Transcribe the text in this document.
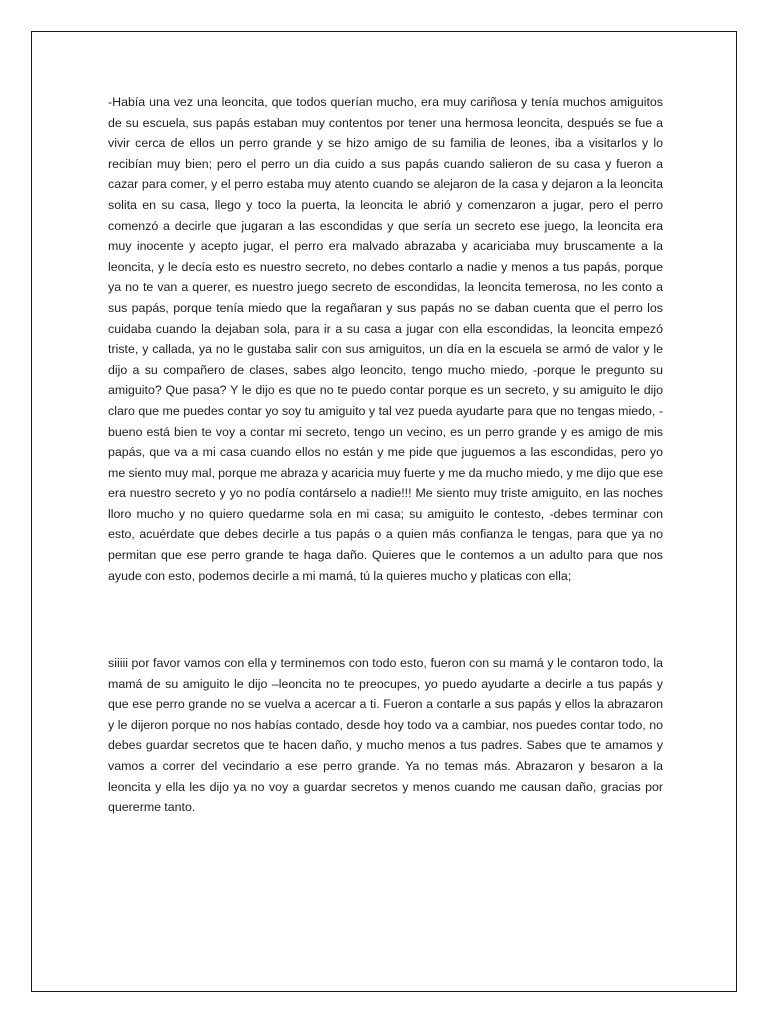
-Había una vez una leoncita, que todos querían mucho, era muy cariñosa y tenía muchos amiguitos de su escuela, sus papás estaban muy contentos por tener una hermosa leoncita, después se fue a vivir cerca de ellos un perro grande y se hizo amigo de su familia de leones, iba a visitarlos y lo recibían muy bien; pero el perro un dia cuido a sus papás cuando salieron de su casa y fueron a cazar para comer, y el perro estaba muy atento cuando se alejaron de la casa y dejaron a la leoncita solita en su casa, llego y toco la puerta, la leoncita le abrió y comenzaron a jugar, pero el perro comenzó a decirle que jugaran a las escondidas y que sería un secreto ese juego, la leoncita era muy inocente y acepto jugar, el perro era malvado abrazaba y acariciaba muy bruscamente a la leoncita, y le decía esto es nuestro secreto, no debes contarlo a nadie y menos a tus papás, porque ya no te van a querer, es nuestro juego secreto de escondidas, la leoncita temerosa, no les conto a sus papás, porque tenía miedo que la regañaran y sus papás no se daban cuenta que el perro los cuidaba cuando la dejaban sola, para ir a su casa a jugar con ella escondidas, la leoncita empezó triste, y callada, ya no le gustaba salir con sus amiguitos, un día en la escuela se armó de valor y le dijo a su compañero de clases, sabes algo leoncito, tengo mucho miedo, -porque le pregunto su amiguito? Que pasa? Y le dijo es que no te puedo contar porque es un secreto, y su amiguito le dijo claro que me puedes contar yo soy tu amiguito y tal vez pueda ayudarte para que no tengas miedo, -bueno está bien te voy a contar mi secreto, tengo un vecino, es un perro grande y es amigo de mis papás, que va a mi casa cuando ellos no están y me pide que juguemos a las escondidas, pero yo me siento muy mal, porque me abraza y acaricia muy fuerte y me da mucho miedo, y me dijo que ese era nuestro secreto y yo no podía contárselo a nadie!!! Me siento muy triste amiguito, en las noches lloro mucho y no quiero quedarme sola en mi casa; su amiguito le contesto, -debes terminar con esto, acuérdate que debes decirle a tus papás o a quien más confianza le tengas, para que ya no permitan que ese perro grande te haga daño. Quieres que le contemos a un adulto para que nos ayude con esto, podemos decirle a mi mamá, tú la quieres mucho y platicas con ella;

siiiii por favor vamos con ella y terminemos con todo esto, fueron con su mamá y le contaron todo, la mamá de su amiguito le dijo –leoncita no te preocupes, yo puedo ayudarte a decirle a tus papás y que ese perro grande no se vuelva a acercar a ti. Fueron a contarle a sus papás y ellos la abrazaron y le dijeron porque no nos habías contado, desde hoy todo va a cambiar, nos puedes contar todo, no debes guardar secretos que te hacen daño, y mucho menos a tus padres. Sabes que te amamos y vamos a correr del vecindario a ese perro grande. Ya no temas más. Abrazaron y besaron a la leoncita y ella les dijo ya no voy a guardar secretos y menos cuando me causan daño, gracias por quererme tanto.
